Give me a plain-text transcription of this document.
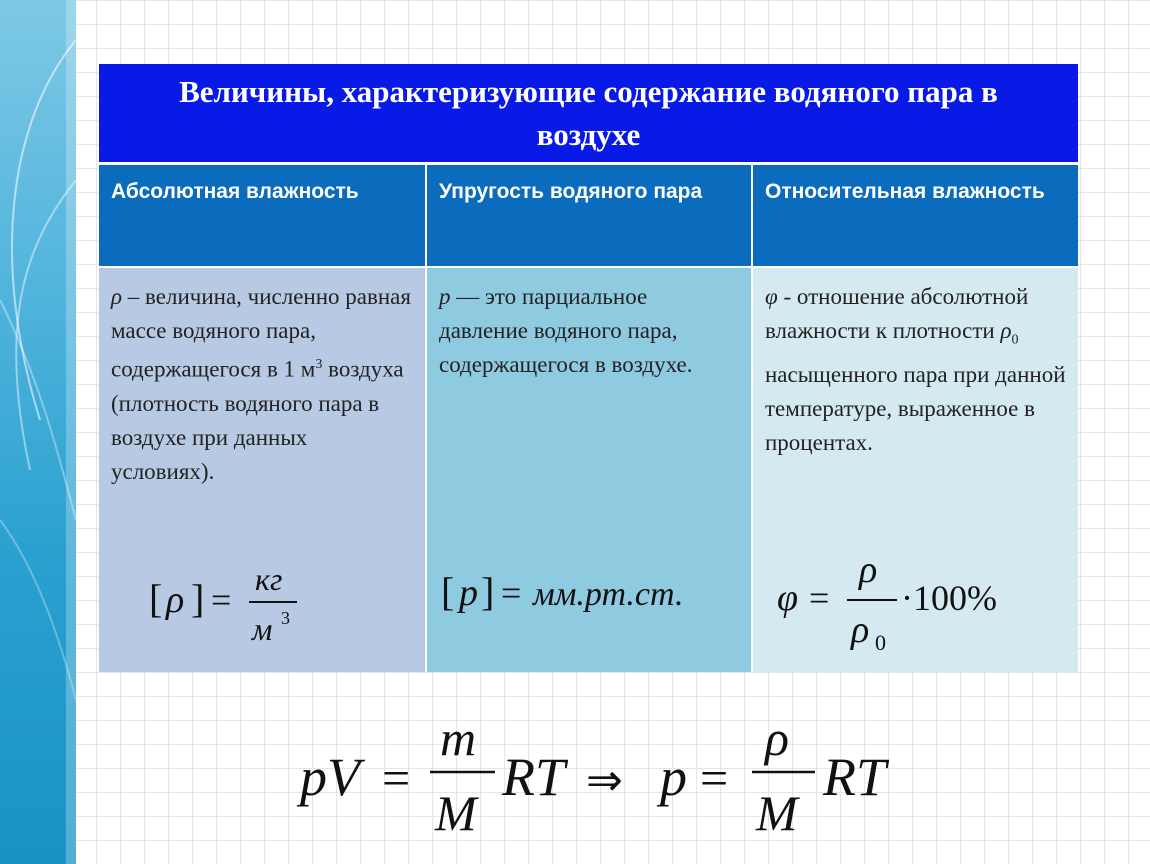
Величины, характеризующие содержание водяного пара в воздухе
Абсолютная влажность	Упругость водяного пара	Относительная влажность
ρ – величина, численно равная массе водяного пара, содержащегося в 1 $м^3$ воздуха (плотность водяного пара в воздухе при данных условиях).
[ ρ ] =
кг
м 3
p — это парциальное давление водяного пара, содержащегося в воздухе.
[ p ] = мм.рт.ст.
φ - отношение абсолютной влажности к плотности $\rho_0$ насыщенного пара при данной температуре, выраженное в процентах.
φ =
ρ
ρ 0
·100%
pV =
m
M
RT ⇒ p =
ρ
M
RT
